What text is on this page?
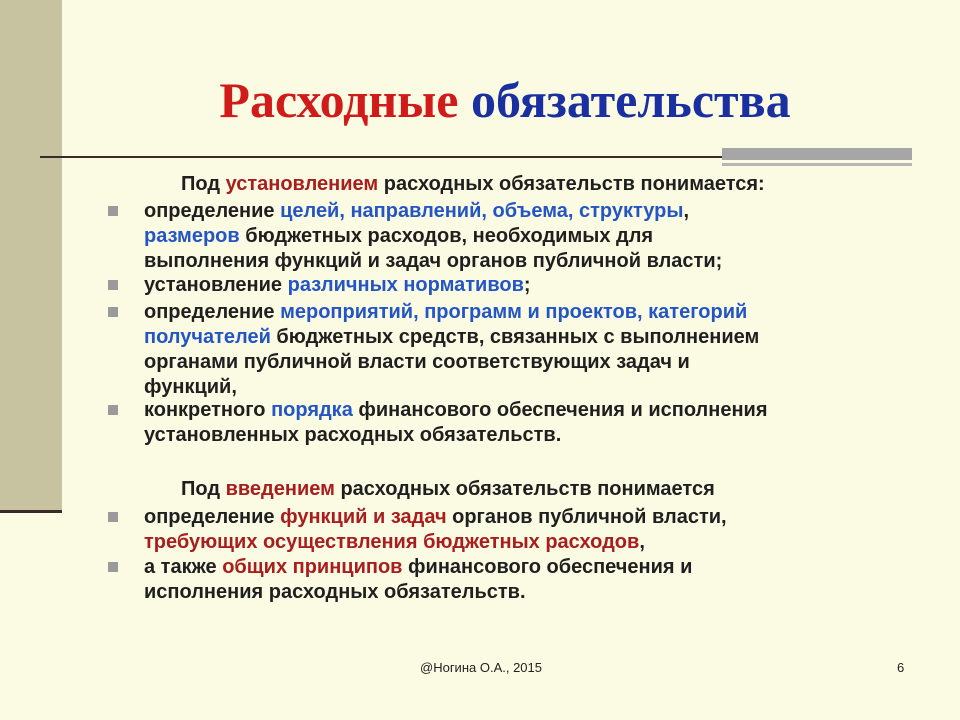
Расходные обязательства
Под установлением расходных обязательств понимается:
определение целей, направлений, объема, структуры,
размеров бюджетных расходов, необходимых для
выполнения функций и задач органов публичной власти;
установление различных нормативов;
определение мероприятий, программ и проектов, категорий
получателей бюджетных средств, связанных с выполнением
органами публичной власти соответствующих задач и
функций,
конкретного порядка финансового обеспечения и исполнения
установленных расходных обязательств.
Под введением расходных обязательств понимается
определение функций и задач органов публичной власти,
требующих осуществления бюджетных расходов,
а также общих принципов финансового обеспечения и
исполнения расходных обязательств.
@Ногина О.А., 2015	6
